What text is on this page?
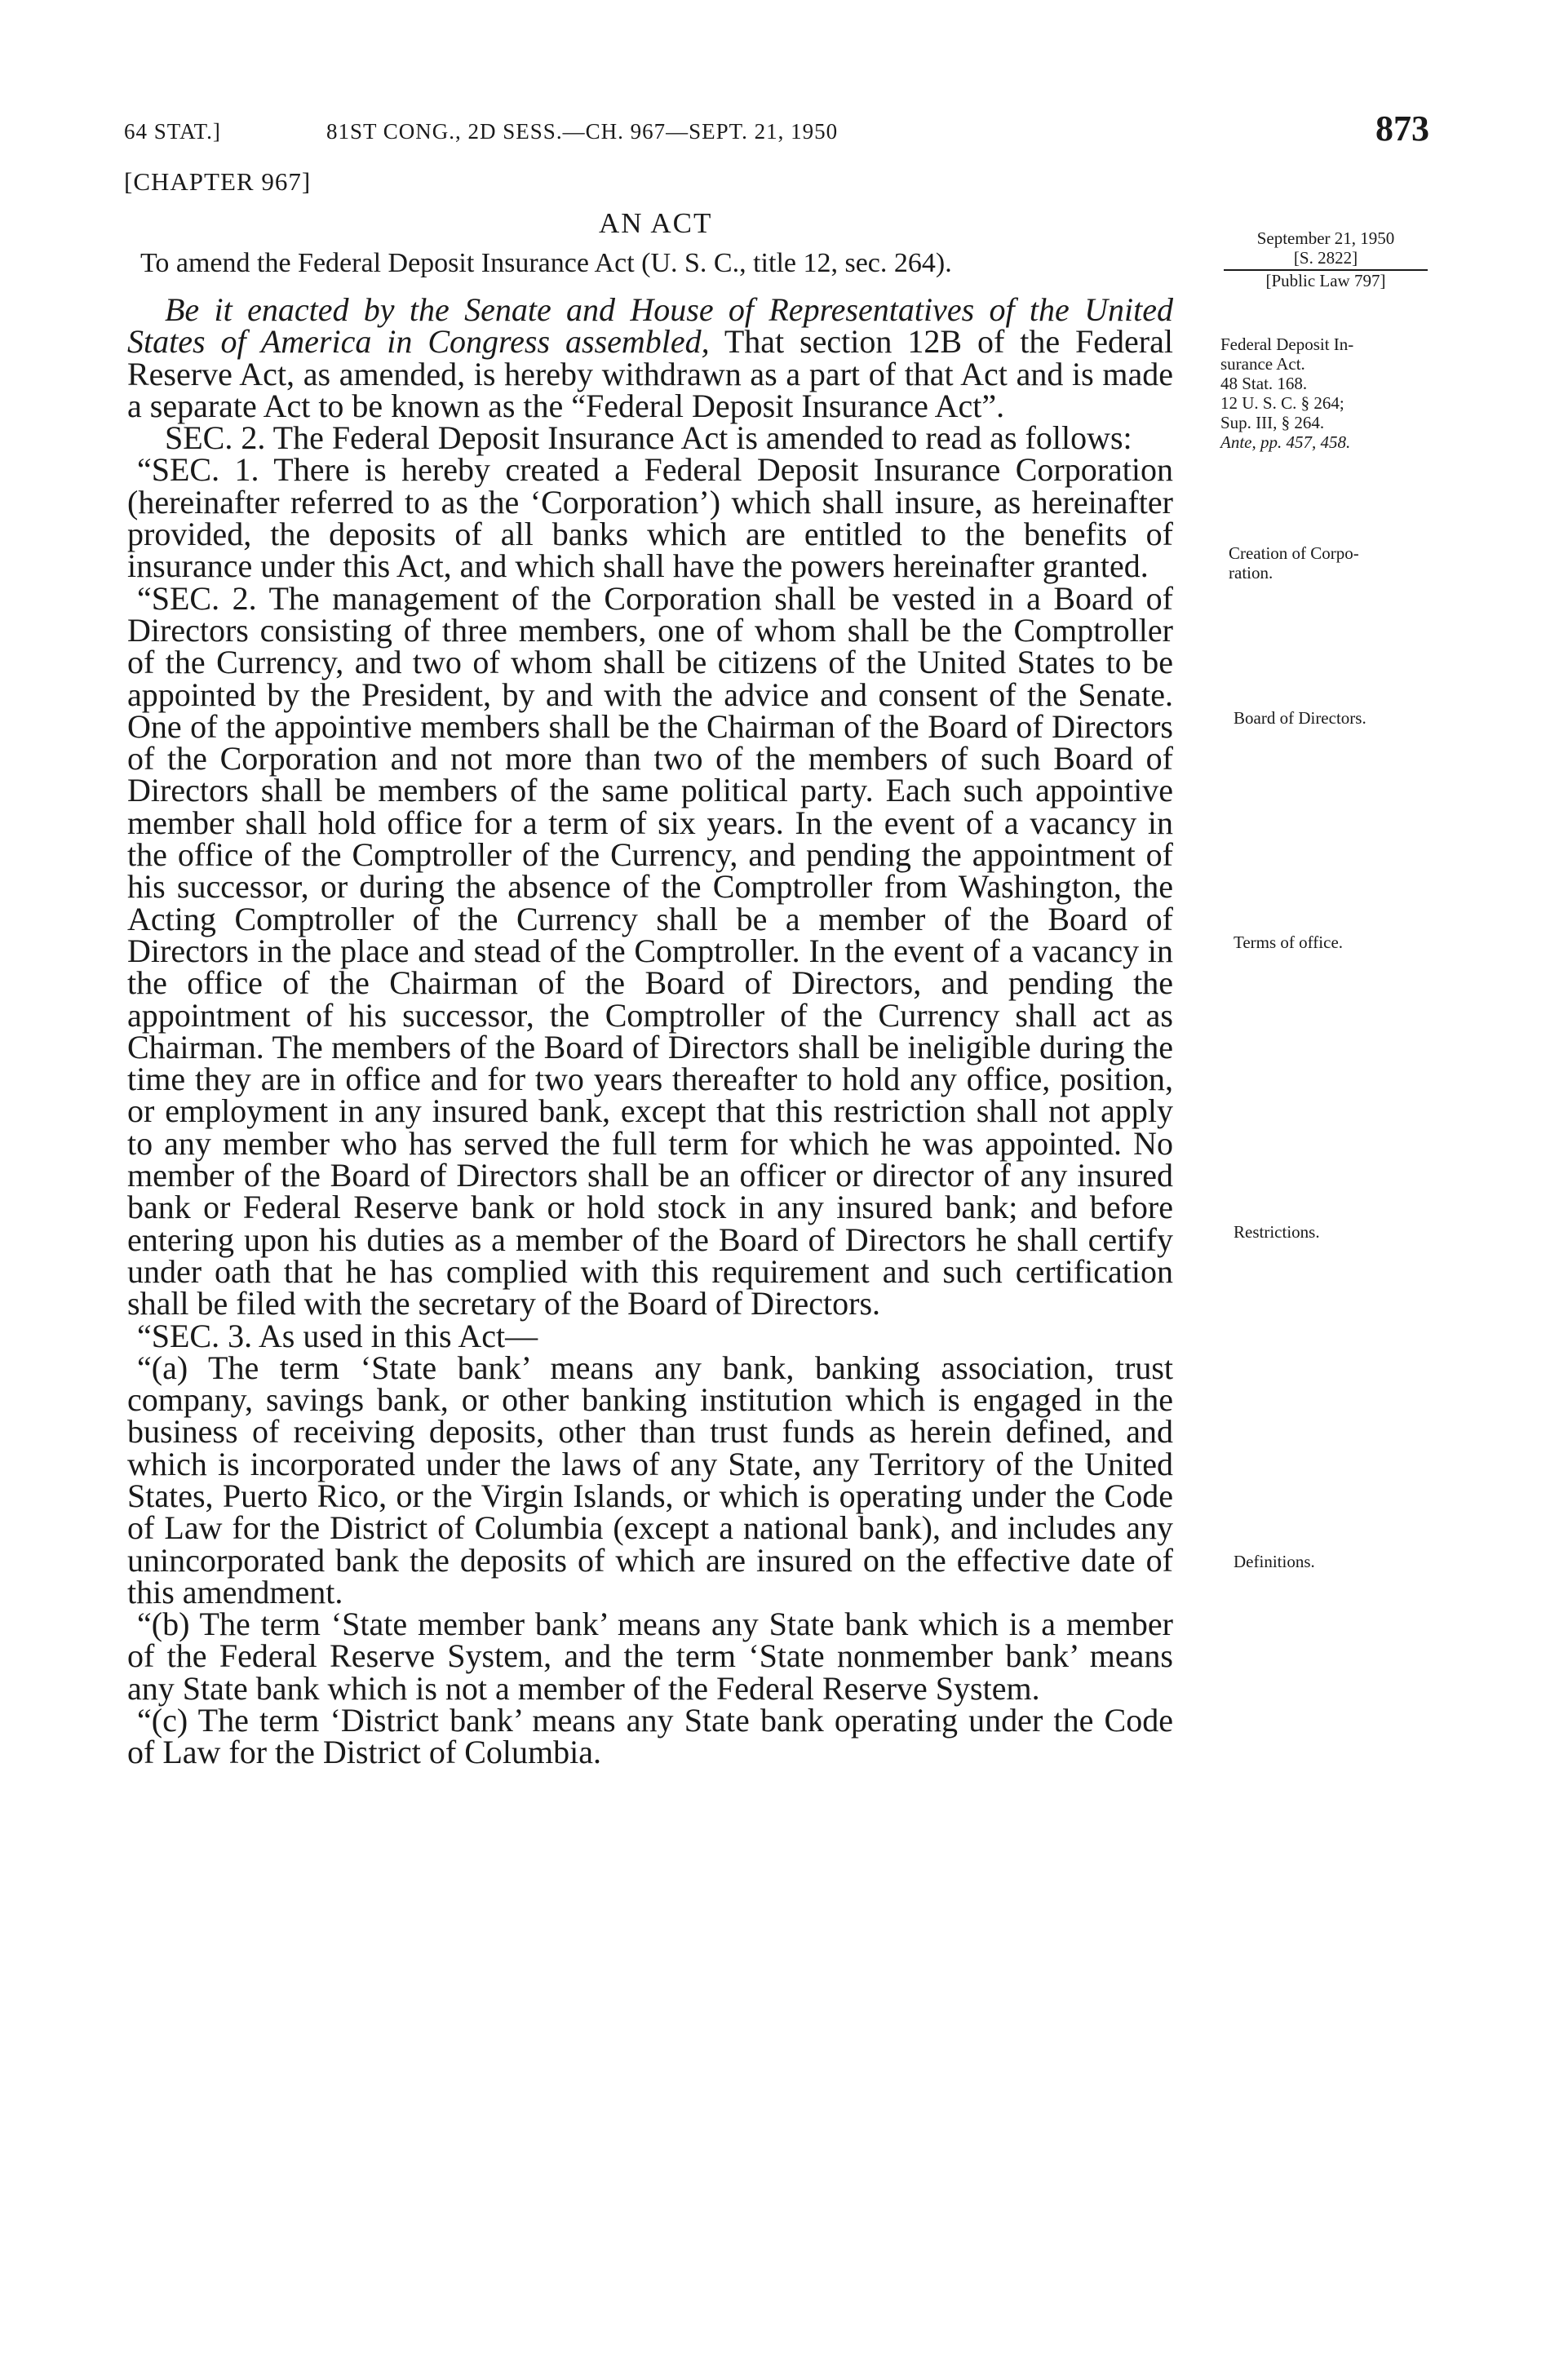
64 STAT.]	81ST CONG., 2D SESS.—CH. 967—SEPT. 21, 1950	873
[CHAPTER 967]
AN ACT
To amend the Federal Deposit Insurance Act (U. S. C., title 12, sec. 264).
September 21, 1950
[S. 2822]
[Public Law 797]
Federal Deposit In-
surance Act.
48 Stat. 168.
12 U. S. C. § 264;
Sup. III, § 264.
Ante, pp. 457, 458.
Creation of Corpo-
ration.
Board of Directors.
Terms of office.
Restrictions.
Definitions.

Be it enacted by the Senate and House of Representatives of the United States of America in Congress assembled, That section 12B of the Federal Reserve Act, as amended, is hereby withdrawn as a part of that Act and is made a separate Act to be known as the “Federal Deposit Insurance Act”.

SEC. 2. The Federal Deposit Insurance Act is amended to read as follows:

“SEC. 1. There is hereby created a Federal Deposit Insurance Corporation (hereinafter referred to as the ‘Corporation’) which shall insure, as hereinafter provided, the deposits of all banks which are entitled to the benefits of insurance under this Act, and which shall have the powers hereinafter granted.

“SEC. 2. The management of the Corporation shall be vested in a Board of Directors consisting of three members, one of whom shall be the Comptroller of the Currency, and two of whom shall be citizens of the United States to be appointed by the President, by and with the advice and consent of the Senate. One of the appointive members shall be the Chairman of the Board of Directors of the Corporation and not more than two of the members of such Board of Directors shall be members of the same political party. Each such appointive member shall hold office for a term of six years. In the event of a vacancy in the office of the Comptroller of the Currency, and pending the appointment of his successor, or during the absence of the Comptroller from Washington, the Acting Comptroller of the Currency shall be a member of the Board of Directors in the place and stead of the Comptroller. In the event of a vacancy in the office of the Chairman of the Board of Directors, and pending the appointment of his successor, the Comptroller of the Currency shall act as Chairman. The members of the Board of Directors shall be ineligible during the time they are in office and for two years thereafter to hold any office, position, or employment in any insured bank, except that this restriction shall not apply to any member who has served the full term for which he was appointed. No member of the Board of Directors shall be an officer or director of any insured bank or Federal Reserve bank or hold stock in any insured bank; and before entering upon his duties as a member of the Board of Directors he shall certify under oath that he has complied with this requirement and such certification shall be filed with the secretary of the Board of Directors.

“SEC. 3. As used in this Act—

“(a) The term ‘State bank’ means any bank, banking association, trust company, savings bank, or other banking institution which is engaged in the business of receiving deposits, other than trust funds as herein defined, and which is incorporated under the laws of any State, any Territory of the United States, Puerto Rico, or the Virgin Islands, or which is operating under the Code of Law for the District of Columbia (except a national bank), and includes any unincorporated bank the deposits of which are insured on the effective date of this amendment.

“(b) The term ‘State member bank’ means any State bank which is a member of the Federal Reserve System, and the term ‘State nonmember bank’ means any State bank which is not a member of the Federal Reserve System.

“(c) The term ‘District bank’ means any State bank operating under the Code of Law for the District of Columbia.
